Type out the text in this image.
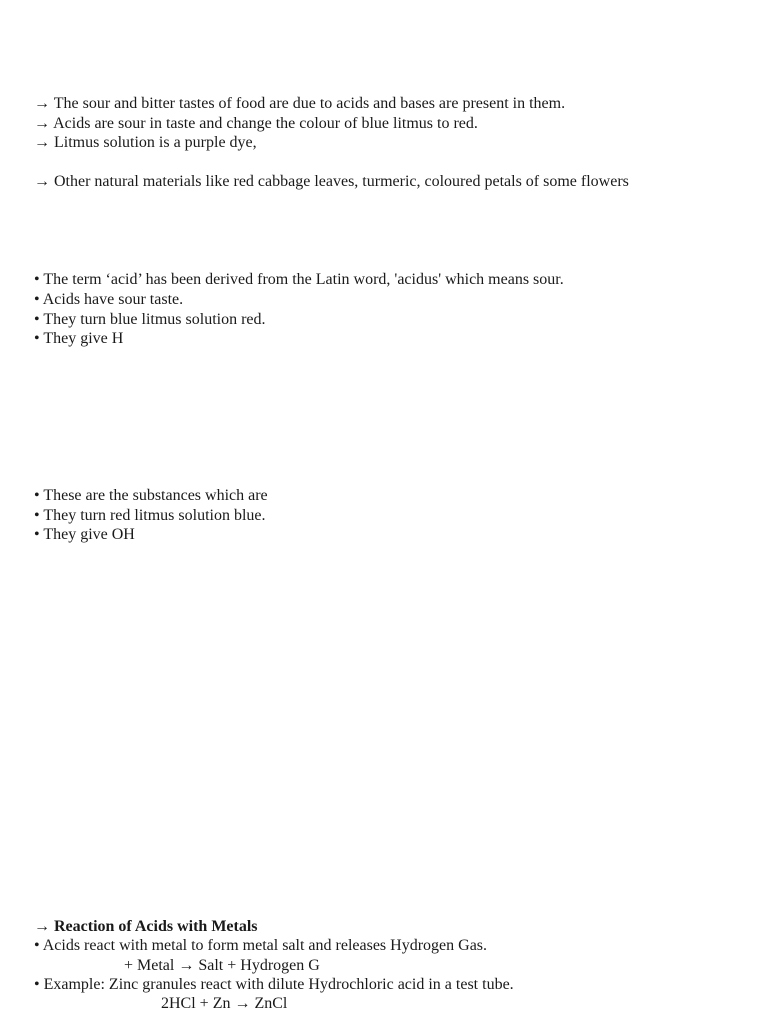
→ The sour and bitter tastes of food are due to acids and bases are present in them.

→ Acids are sour in taste and change the colour of blue litmus to red.

→ Litmus solution is a purple dye,

→ Other natural materials like red cabbage leaves, turmeric, coloured petals of some flowers

• The term ‘acid’ has been derived from the Latin word, 'acidus' which means sour.

• Acids have sour taste.

• They turn blue litmus solution red.

• They give H

• These are the substances which are

• They turn red litmus solution blue.

• They give OH

→ Reaction of Acids with Metals

• Acids react with metal to form metal salt and releases Hydrogen Gas.

+ Metal → Salt + Hydrogen G

• Example: Zinc granules react with dilute Hydrochloric acid in a test tube.

2HCl + Zn → ZnCl
